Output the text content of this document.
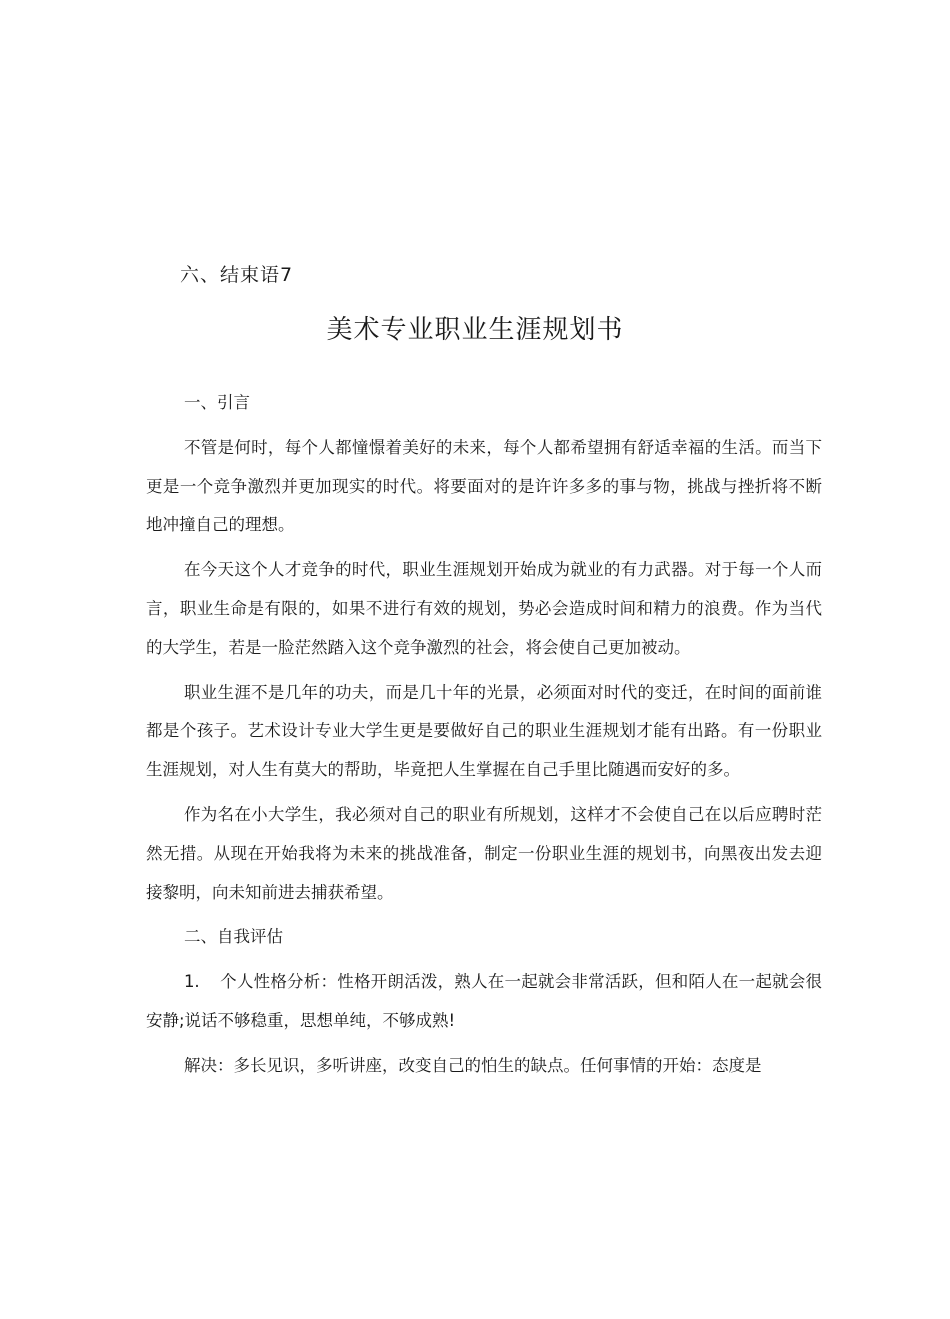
六、结束语7
美术专业职业生涯规划书

一、引言

不管是何时，每个人都憧憬着美好的未来，每个人都希望拥有舒适幸福的生活。而当下更是一个竞争激烈并更加现实的时代。将要面对的是许许多多的事与物，挑战与挫折将不断地冲撞自己的理想。

在今天这个人才竞争的时代，职业生涯规划开始成为就业的有力武器。对于每一个人而言，职业生命是有限的，如果不进行有效的规划，势必会造成时间和精力的浪费。作为当代的大学生，若是一脸茫然踏入这个竞争激烈的社会，将会使自己更加被动。

职业生涯不是几年的功夫，而是几十年的光景，必须面对时代的变迁，在时间的面前谁都是个孩子。艺术设计专业大学生更是要做好自己的职业生涯规划才能有出路。有一份职业生涯规划，对人生有莫大的帮助，毕竟把人生掌握在自己手里比随遇而安好的多。

作为名在小大学生，我必须对自己的职业有所规划，这样才不会使自己在以后应聘时茫然无措。从现在开始我将为未来的挑战准备，制定一份职业生涯的规划书，向黑夜出发去迎接黎明，向未知前进去捕获希望。

二、自我评估

1. 个人性格分析：性格开朗活泼，熟人在一起就会非常活跃，但和陌人在一起就会很安静;说话不够稳重，思想单纯，不够成熟!

解决：多长见识，多听讲座，改变自己的怕生的缺点。任何事情的开始：态度是
